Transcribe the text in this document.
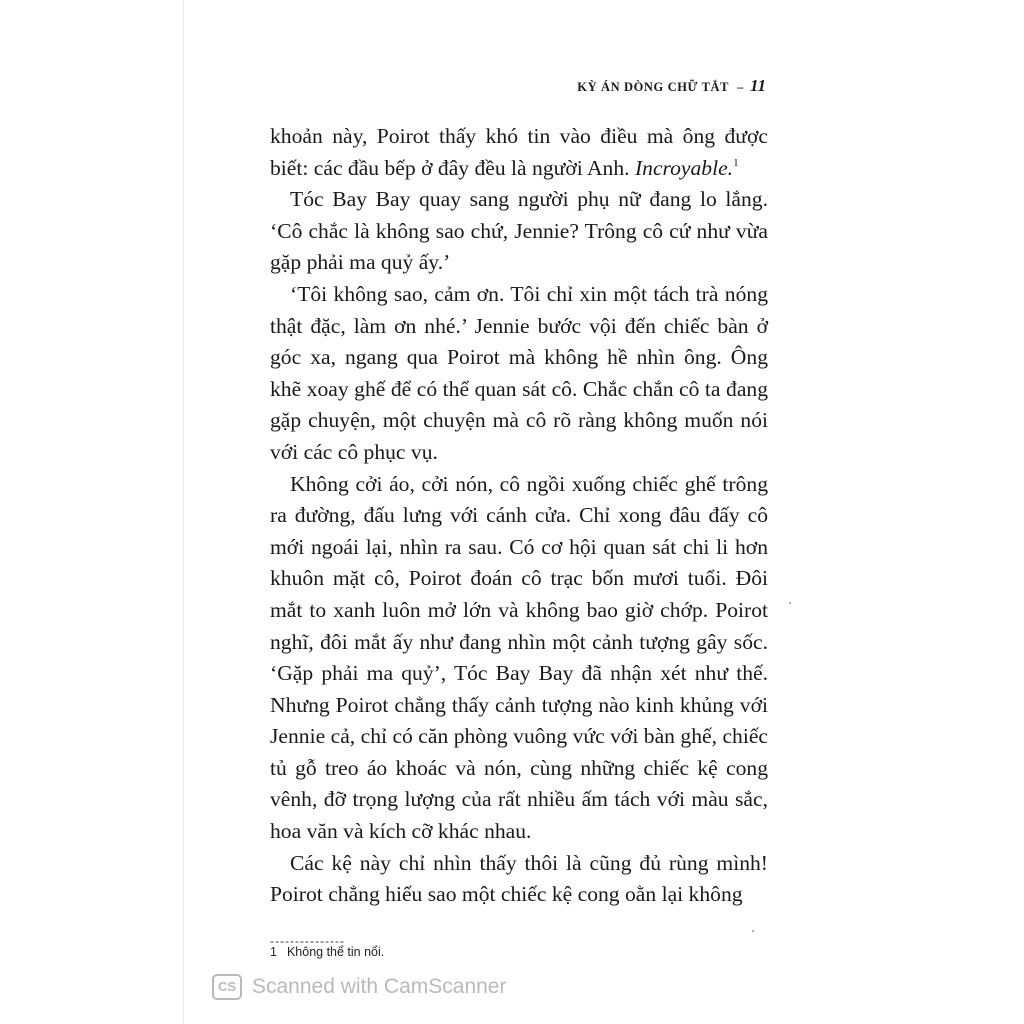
KỲ ÁN DÒNG CHỮ TẮT – 11

khoản này, Poirot thấy khó tin vào điều mà ông được biết: các đầu bếp ở đây đều là người Anh. Incroyable.$^1$

Tóc Bay Bay quay sang người phụ nữ đang lo lắng. ‘Cô chắc là không sao chứ, Jennie? Trông cô cứ như vừa gặp phải ma quỷ ấy.’

‘Tôi không sao, cảm ơn. Tôi chỉ xin một tách trà nóng thật đặc, làm ơn nhé.’ Jennie bước vội đến chiếc bàn ở góc xa, ngang qua Poirot mà không hề nhìn ông. Ông khẽ xoay ghế để có thể quan sát cô. Chắc chắn cô ta đang gặp chuyện, một chuyện mà cô rõ ràng không muốn nói với các cô phục vụ.

Không cởi áo, cởi nón, cô ngồi xuống chiếc ghế trông ra đường, đấu lưng với cánh cửa. Chỉ xong đâu đấy cô mới ngoái lại, nhìn ra sau. Có cơ hội quan sát chi li hơn khuôn mặt cô, Poirot đoán cô trạc bốn mươi tuổi. Đôi mắt to xanh luôn mở lớn và không bao giờ chớp. Poirot nghĩ, đôi mắt ấy như đang nhìn một cảnh tượng gây sốc. ‘Gặp phải ma quỷ’, Tóc Bay Bay đã nhận xét như thế. Nhưng Poirot chẳng thấy cảnh tượng nào kinh khủng với Jennie cả, chỉ có căn phòng vuông vức với bàn ghế, chiếc tủ gỗ treo áo khoác và nón, cùng những chiếc kệ cong vênh, đỡ trọng lượng của rất nhiều ấm tách với màu sắc, hoa văn và kích cỡ khác nhau.

Các kệ này chỉ nhìn thấy thôi là cũng đủ rùng mình! Poirot chẳng hiểu sao một chiếc kệ cong oằn lại không

---------------
1 Không thể tin nổi.
CS Scanned with CamScanner
